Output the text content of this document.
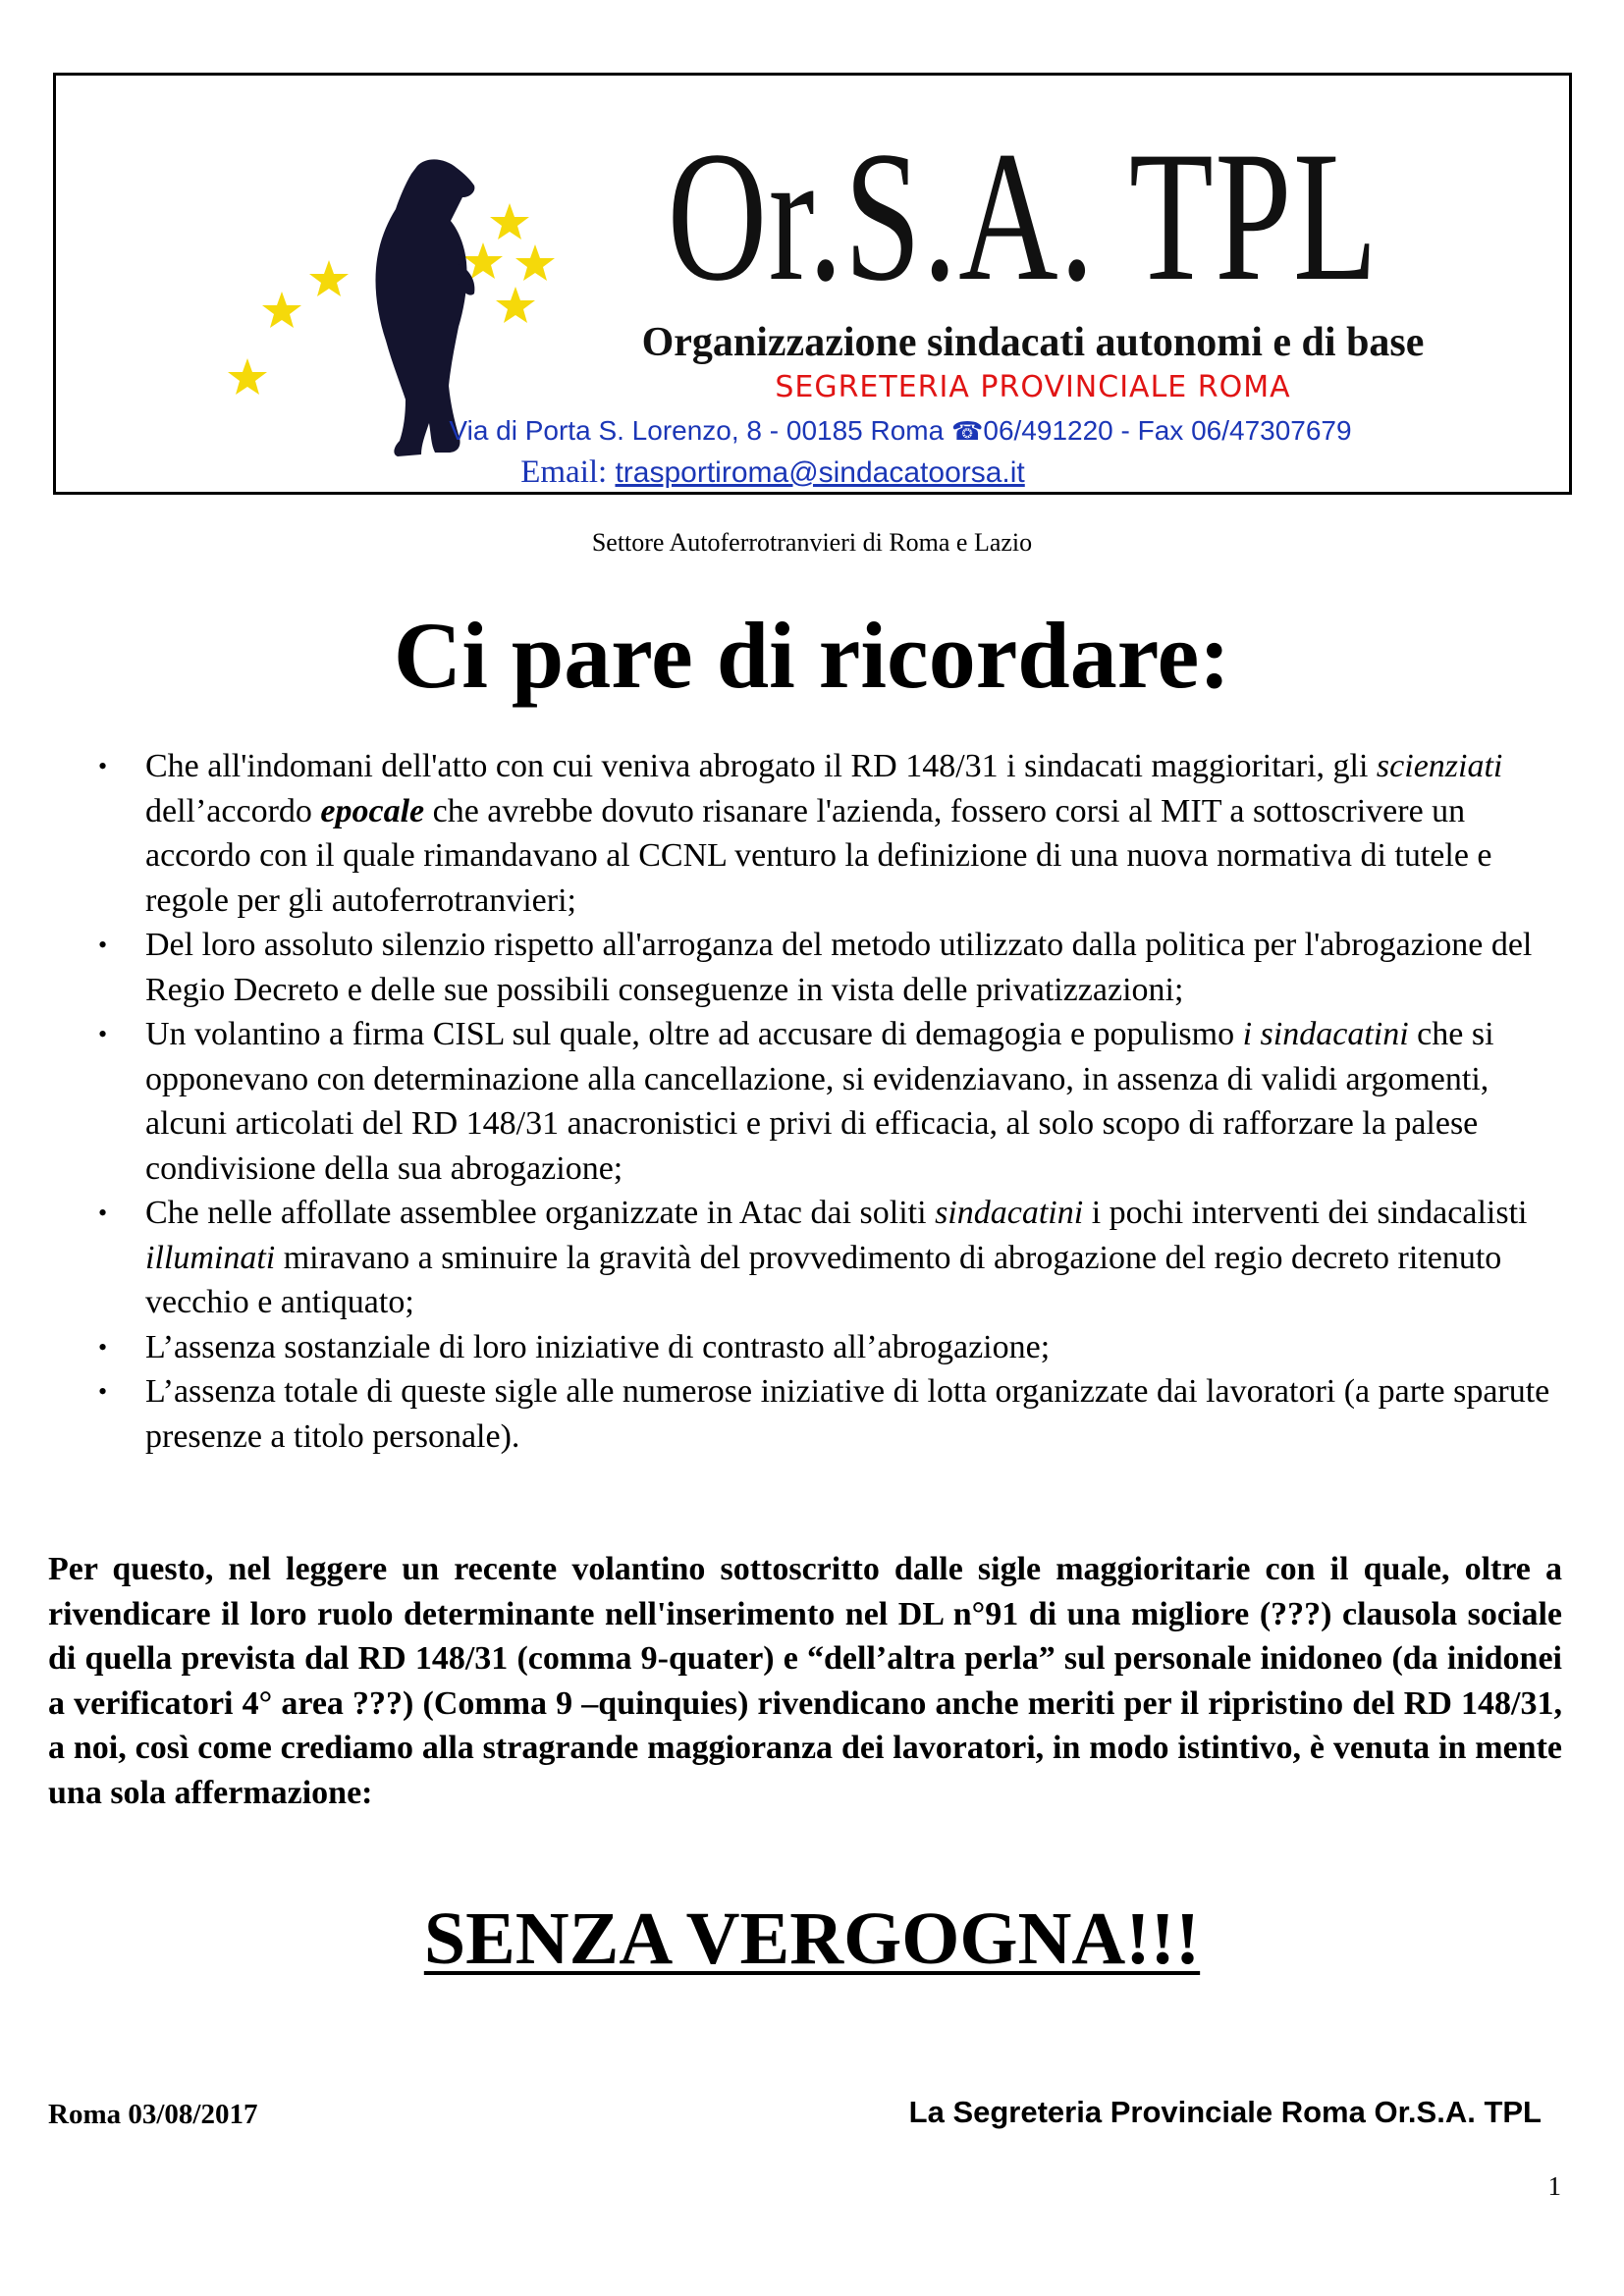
Or.S.A. TPL
Organizzazione sindacati autonomi e di base
SEGRETERIA PROVINCIALE ROMA
Via di Porta S. Lorenzo, 8 - 00185 Roma ☎06/491220 - Fax 06/47307679
Email: trasportiroma@sindacatoorsa.it
Settore Autoferrotranvieri di Roma e Lazio
Ci pare di ricordare:
• Che all'indomani dell'atto con cui veniva abrogato il RD 148/31 i sindacati maggioritari, gli scienziati dell’accordo epocale che avrebbe dovuto risanare l'azienda, fossero corsi al MIT a sottoscrivere un accordo con il quale rimandavano al CCNL venturo la definizione di una nuova normativa di tutele e regole per gli autoferrotranvieri;
• Del loro assoluto silenzio rispetto all'arroganza del metodo utilizzato dalla politica per l'abrogazione del Regio Decreto e delle sue possibili conseguenze in vista delle privatizzazioni;
• Un volantino a firma CISL sul quale, oltre ad accusare di demagogia e populismo i sindacatini che si opponevano con determinazione alla cancellazione, si evidenziavano, in assenza di validi argomenti, alcuni articolati del RD 148/31 anacronistici e privi di efficacia, al solo scopo di rafforzare la palese condivisione della sua abrogazione;
• Che nelle affollate assemblee organizzate in Atac dai soliti sindacatini i pochi interventi dei sindacalisti illuminati miravano a sminuire la gravità del provvedimento di abrogazione del regio decreto ritenuto vecchio e antiquato;
• L’assenza sostanziale di loro iniziative di contrasto all’abrogazione;
• L’assenza totale di queste sigle alle numerose iniziative di lotta organizzate dai lavoratori (a parte sparute presenze a titolo personale).

Per questo, nel leggere un recente volantino sottoscritto dalle sigle maggioritarie con il quale, oltre a rivendicare il loro ruolo determinante nell'inserimento nel DL n°91 di una migliore (???) clausola sociale di quella prevista dal RD 148/31 (comma 9-quater) e “dell’altra perla” sul personale inidoneo (da inidonei a verificatori 4° area ???) (Comma 9 –quinquies) rivendicano anche meriti per il ripristino del RD 148/31, a noi, così come crediamo alla stragrande maggioranza dei lavoratori, in modo istintivo, è venuta in mente una sola affermazione:

SENZA VERGOGNA!!!
Roma 03/08/2017	La Segreteria Provinciale Roma Or.S.A. TPL
1
